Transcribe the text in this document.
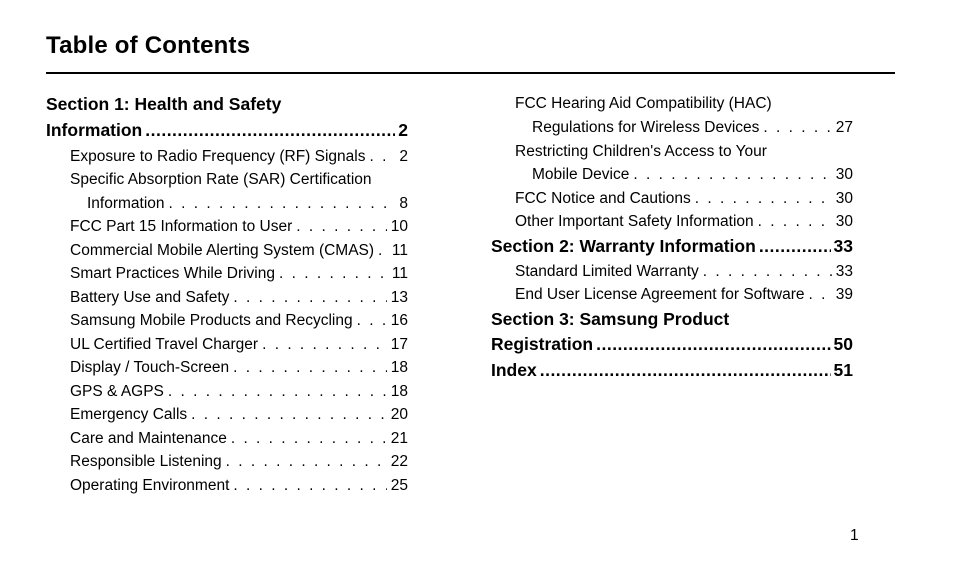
Table of Contents
Section 1: Health and Safety
Information .....	2
Exposure to Radio Frequency (RF) Signals . . . 2
Specific Absorption Rate (SAR) Certification
Information . . .	8
FCC Part 15 Information to User . . .	10
Commercial Mobile Alerting System (CMAS) . . . 11
Smart Practices While Driving . . .	11
Battery Use and Safety . . .	13
Samsung Mobile Products and Recycling . . . 16
UL Certified Travel Charger . . .	17
Display / Touch-Screen . . .	18
GPS & AGPS . . .	18
Emergency Calls . . .	20
Care and Maintenance . . .	21
Responsible Listening . . .	22
Operating Environment . . .	25
FCC Hearing Aid Compatibility (HAC)
Regulations for Wireless Devices . . .	27
Restricting Children's Access to Your
Mobile Device . . .	30
FCC Notice and Cautions . . .	30
Other Important Safety Information . . .	30
Section 2: Warranty Information .....	33
Standard Limited Warranty . . .	33
End User License Agreement for Software . . . 39
Section 3: Samsung Product
Registration .....	50
Index .....	51
1
